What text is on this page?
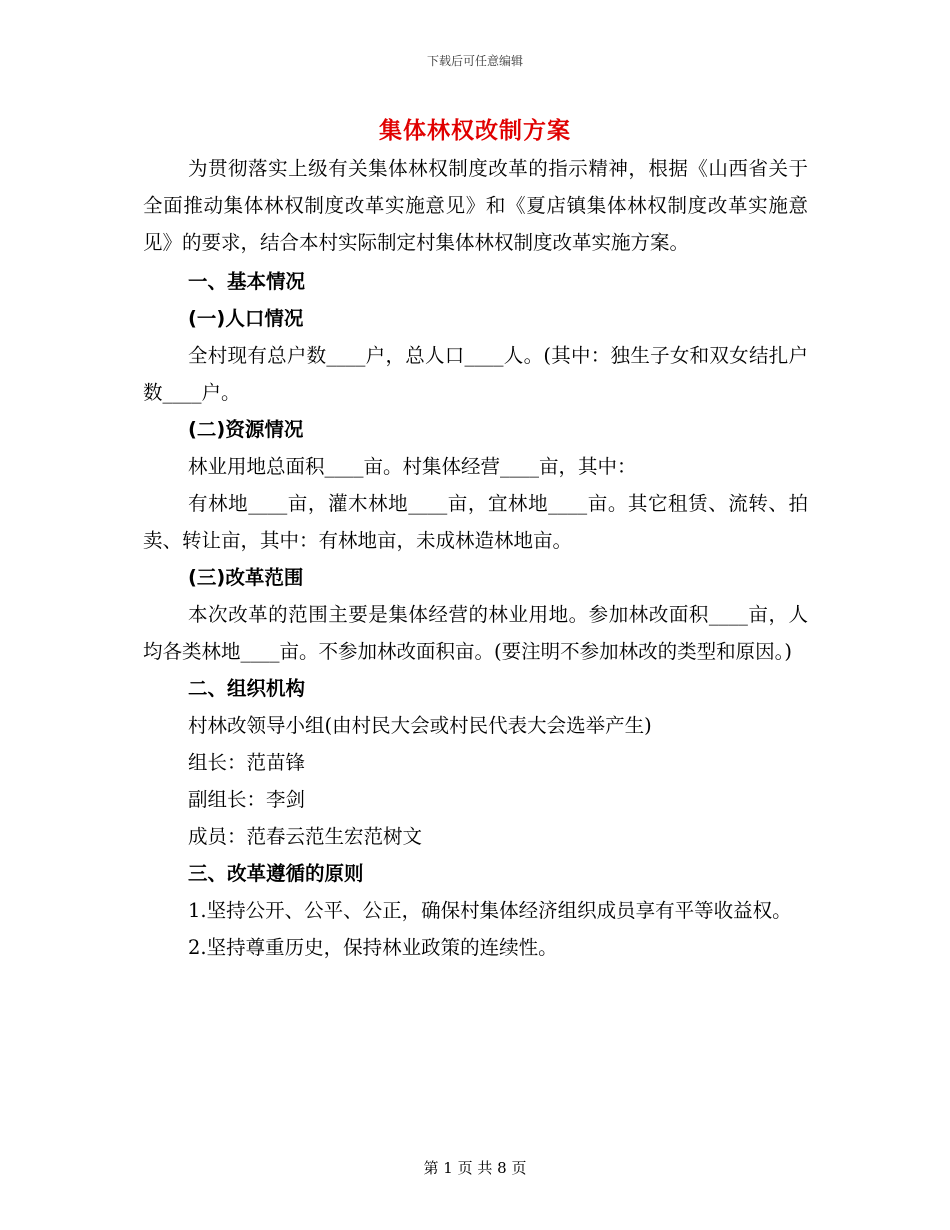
下载后可任意编辑
集体林权改制方案

为贯彻落实上级有关集体林权制度改革的指示精神，根据《山西省关于全面推动集体林权制度改革实施意见》和《夏店镇集体林权制度改革实施意见》的要求，结合本村实际制定村集体林权制度改革实施方案。

一、基本情况

(一)人口情况

全村现有总户数____户，总人口____人。(其中：独生子女和双女结扎户数____户。

(二)资源情况

林业用地总面积____亩。村集体经营____亩，其中：

有林地____亩，灌木林地____亩，宜林地____亩。其它租赁、流转、拍卖、转让亩，其中：有林地亩，未成林造林地亩。

(三)改革范围

本次改革的范围主要是集体经营的林业用地。参加林改面积____亩，人均各类林地____亩。不参加林改面积亩。(要注明不参加林改的类型和原因。)

二、组织机构

村林改领导小组(由村民大会或村民代表大会选举产生)

组长：范苗锋

副组长：李剑

成员：范春云范生宏范树文

三、改革遵循的原则

1.坚持公开、公平、公正，确保村集体经济组织成员享有平等收益权。

2.坚持尊重历史，保持林业政策的连续性。

第 1 页 共 8 页
